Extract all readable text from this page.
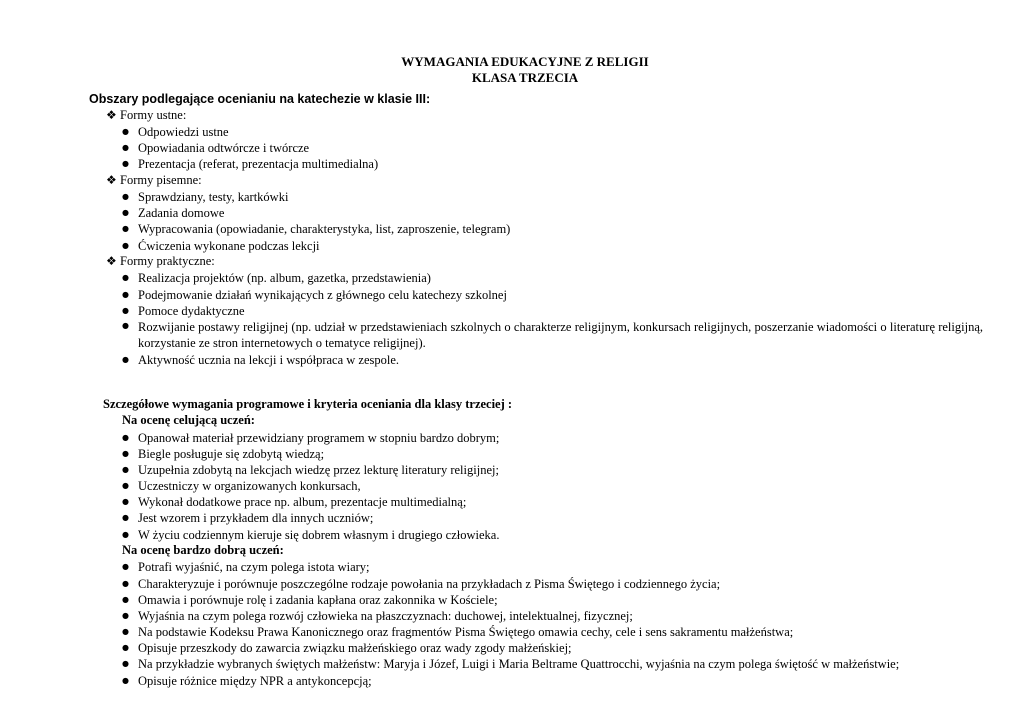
WYMAGANIA EDUKACYJNE Z RELIGII
KLASA TRZECIA
Obszary podlegające ocenianiu na katechezie w klasie III:
❖ Formy ustne:
● Odpowiedzi ustne
● Opowiadania odtwórcze i twórcze
● Prezentacja (referat, prezentacja multimedialna)
❖ Formy pisemne:
● Sprawdziany, testy, kartkówki
● Zadania domowe
● Wypracowania (opowiadanie, charakterystyka, list, zaproszenie, telegram)
● Ćwiczenia wykonane podczas lekcji
❖ Formy praktyczne:
● Realizacja projektów (np. album, gazetka, przedstawienia)
● Podejmowanie działań wynikających z głównego celu katechezy szkolnej
● Pomoce dydaktyczne
● Rozwijanie postawy religijnej (np. udział w przedstawieniach szkolnych o charakterze religijnym, konkursach religijnych, poszerzanie wiadomości o literaturę religijną, korzystanie ze stron internetowych o tematyce religijnej).
● Aktywność ucznia na lekcji i współpraca w zespole.
Szczegółowe wymagania programowe i kryteria oceniania dla klasy trzeciej :
Na ocenę celującą uczeń:
● Opanował materiał przewidziany programem w stopniu bardzo dobrym;
● Biegle posługuje się zdobytą wiedzą;
● Uzupełnia zdobytą na lekcjach wiedzę przez lekturę literatury religijnej;
● Uczestniczy w organizowanych konkursach,
● Wykonał dodatkowe prace np. album, prezentacje multimedialną;
● Jest wzorem i przykładem dla innych uczniów;
● W życiu codziennym kieruje się dobrem własnym i drugiego człowieka.
Na ocenę bardzo dobrą uczeń:
● Potrafi wyjaśnić, na czym polega istota wiary;
● Charakteryzuje i porównuje poszczególne rodzaje powołania na przykładach z Pisma Świętego i codziennego życia;
● Omawia i porównuje rolę i zadania kapłana oraz zakonnika w Kościele;
● Wyjaśnia na czym polega rozwój człowieka na płaszczyznach: duchowej, intelektualnej, fizycznej;
● Na podstawie Kodeksu Prawa Kanonicznego oraz fragmentów Pisma Świętego omawia cechy, cele i sens sakramentu małżeństwa;
● Opisuje przeszkody do zawarcia związku małżeńskiego oraz wady zgody małżeńskiej;
● Na przykładzie wybranych świętych małżeństw: Maryja i Józef, Luigi i Maria Beltrame Quattrocchi, wyjaśnia na czym polega świętość w małżeństwie;
● Opisuje różnice między NPR a antykoncepcją;
